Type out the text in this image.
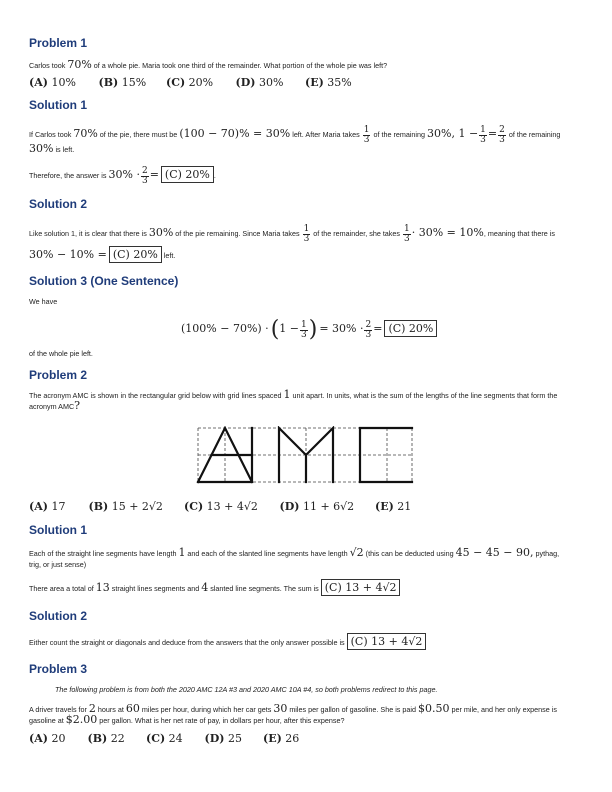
Problem 1
Carlos took 70% of a whole pie. Maria took one third of the remainder. What portion of the whole pie was left?
(A) 10% (B) 15% (C) 20% (D) 30% (E) 35%
Solution 1
If Carlos took 70% of the pie, there must be (100 − 70)% = 30% left. After Maria takes $\frac{1}{3}$ of the remaining 30%, $1 - \frac{1}{3} = \frac{2}{3}$ of the remaining
30% is left.
Therefore, the answer is $30\% \cdot \frac{2}{3} = (C)$ 20% .
Solution 2
Like solution 1, it is clear that there is 30% of the pie remaining. Since Maria takes $\frac{1}{3}$ of the remainder, she takes $\frac{1}{3} \cdot 30\% = 10\%$, meaning that there is
30% − 10% = (C) 20% left.
Solution 3 (One Sentence)
We have
$(100\% - 70\%) \cdot (1 - \frac{1}{3}$ ) = $30\% \cdot \frac{2}{3} = (C)$ 20%
of the whole pie left.
Problem 2
The acronym AMC is shown in the rectangular grid below with grid lines spaced 1 unit apart. In units, what is the sum of the lengths of the line segments that form the acronym AMC?
(A) 17 (B) 15 + 2√2 (C) 13 + 4√2 (D) 11 + 6√2 (E) 21
Solution 1
Each of the straight line segments have length 1 and each of the slanted line segments have length √2 (this can be deducted using 45 − 45 − 90, pythag,
trig, or just sense)
There area a total of 13 straight lines segments and 4 slanted line segments. The sum is (C) 13 + 4√2
Solution 2
Either count the straight or diagonals and deduce from the answers that the only answer possible is (C) 13 + 4√2
Problem 3
The following problem is from both the 2020 AMC 12A #3 and 2020 AMC 10A #4, so both problems redirect to this page.
A driver travels for 2 hours at 60 miles per hour, during which her car gets 30 miles per gallon of gasoline. She is paid $0.50 per mile, and her only expense is
gasoline at $2.00 per gallon. What is her net rate of pay, in dollars per hour, after this expense?
(A) 20 (B) 22 (C) 24 (D) 25 (E) 26
